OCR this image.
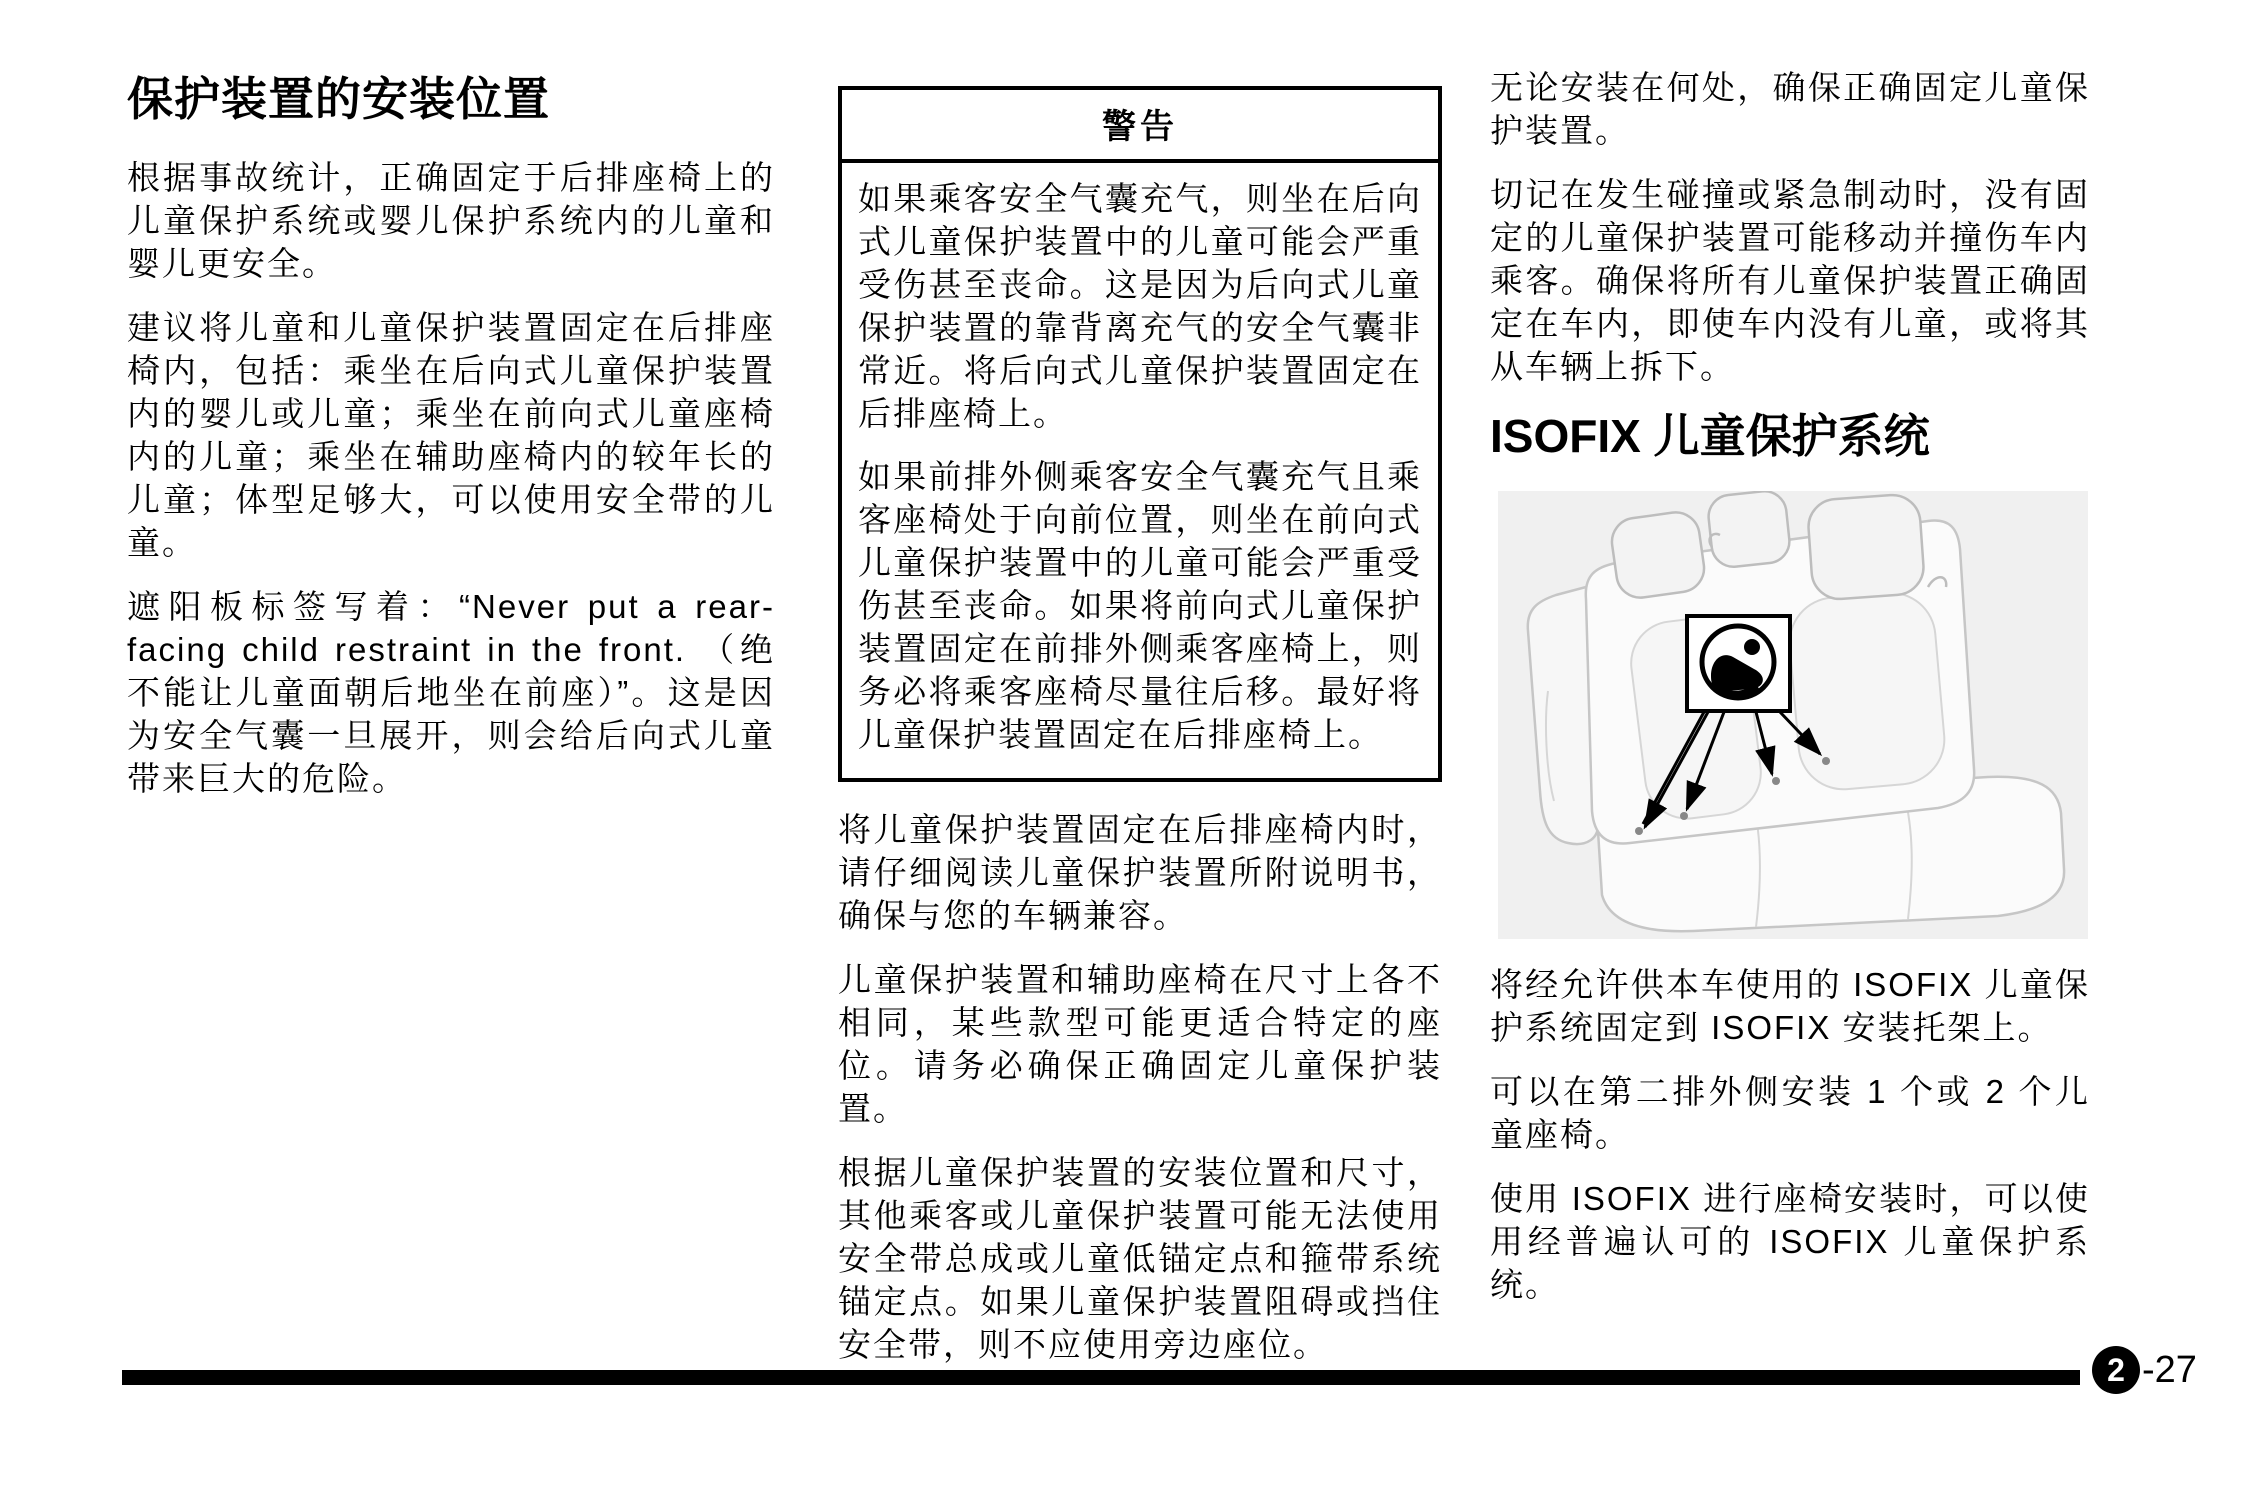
保护装置的安装位置

根据事故统计，正确固定于后排座椅上的儿童保护系统或婴儿保护系统内的儿童和婴儿更安全。

建议将儿童和儿童保护装置固定在后排座椅内，包括：乘坐在后向式儿童保护装置内的婴儿或儿童；乘坐在前向式儿童座椅内的儿童；乘坐在辅助座椅内的较年长的儿童；体型足够大，可以使用安全带的儿童。

遮阳板标签写着：“Never put a rear-facing child restraint in the front. （绝不能让儿童面朝后地坐在前座）”。这是因为安全气囊一旦展开，则会给后向式儿童带来巨大的危险。

警告

如果乘客安全气囊充气，则坐在后向式儿童保护装置中的儿童可能会严重受伤甚至丧命。这是因为后向式儿童保护装置的靠背离充气的安全气囊非常近。将后向式儿童保护装置固定在后排座椅上。

如果前排外侧乘客安全气囊充气且乘客座椅处于向前位置，则坐在前向式儿童保护装置中的儿童可能会严重受伤甚至丧命。如果将前向式儿童保护装置固定在前排外侧乘客座椅上，则务必将乘客座椅尽量往后移。最好将儿童保护装置固定在后排座椅上。

将儿童保护装置固定在后排座椅内时，请仔细阅读儿童保护装置所附说明书，确保与您的车辆兼容。

儿童保护装置和辅助座椅在尺寸上各不相同，某些款型可能更适合特定的座位。请务必确保正确固定儿童保护装置。

根据儿童保护装置的安装位置和尺寸，其他乘客或儿童保护装置可能无法使用安全带总成或儿童低锚定点和箍带系统锚定点。如果儿童保护装置阻碍或挡住安全带，则不应使用旁边座位。

无论安装在何处，确保正确固定儿童保护装置。

切记在发生碰撞或紧急制动时，没有固定的儿童保护装置可能移动并撞伤车内乘客。确保将所有儿童保护装置正确固定在车内，即使车内没有儿童，或将其从车辆上拆下。

ISOFIX 儿童保护系统

将经允许供本车使用的 ISOFIX 儿童保护系统固定到 ISOFIX 安装托架上。

可以在第二排外侧安装 1 个或 2 个儿童座椅。

使用 ISOFIX 进行座椅安装时，可以使用经普遍认可的 ISOFIX 儿童保护系统。

2 -27
